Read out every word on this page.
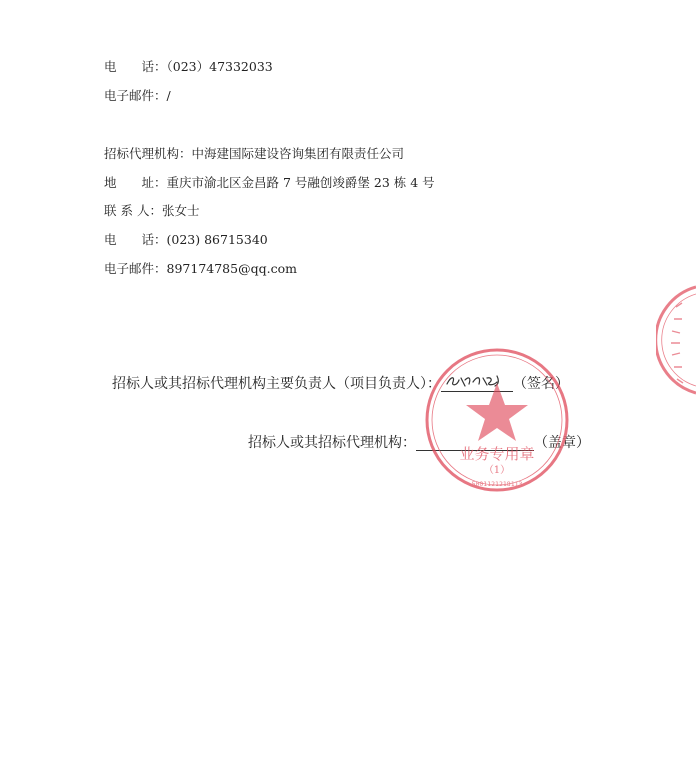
电　　话：（023）47332033
电子邮件：/
招标代理机构：中海建国际建设咨询集团有限责任公司
地　　址：重庆市渝北区金昌路 7 号融创竣爵堡 23 栋 4 号
联 系 人：张女士
电　　话：(023) 86715340
电子邮件：897174785@qq.com
招标人或其招标代理机构主要负责人（项目负责人）：	（签名）
招标人或其招标代理机构：	（盖章）
业务专用章
（1）
5001121218113
